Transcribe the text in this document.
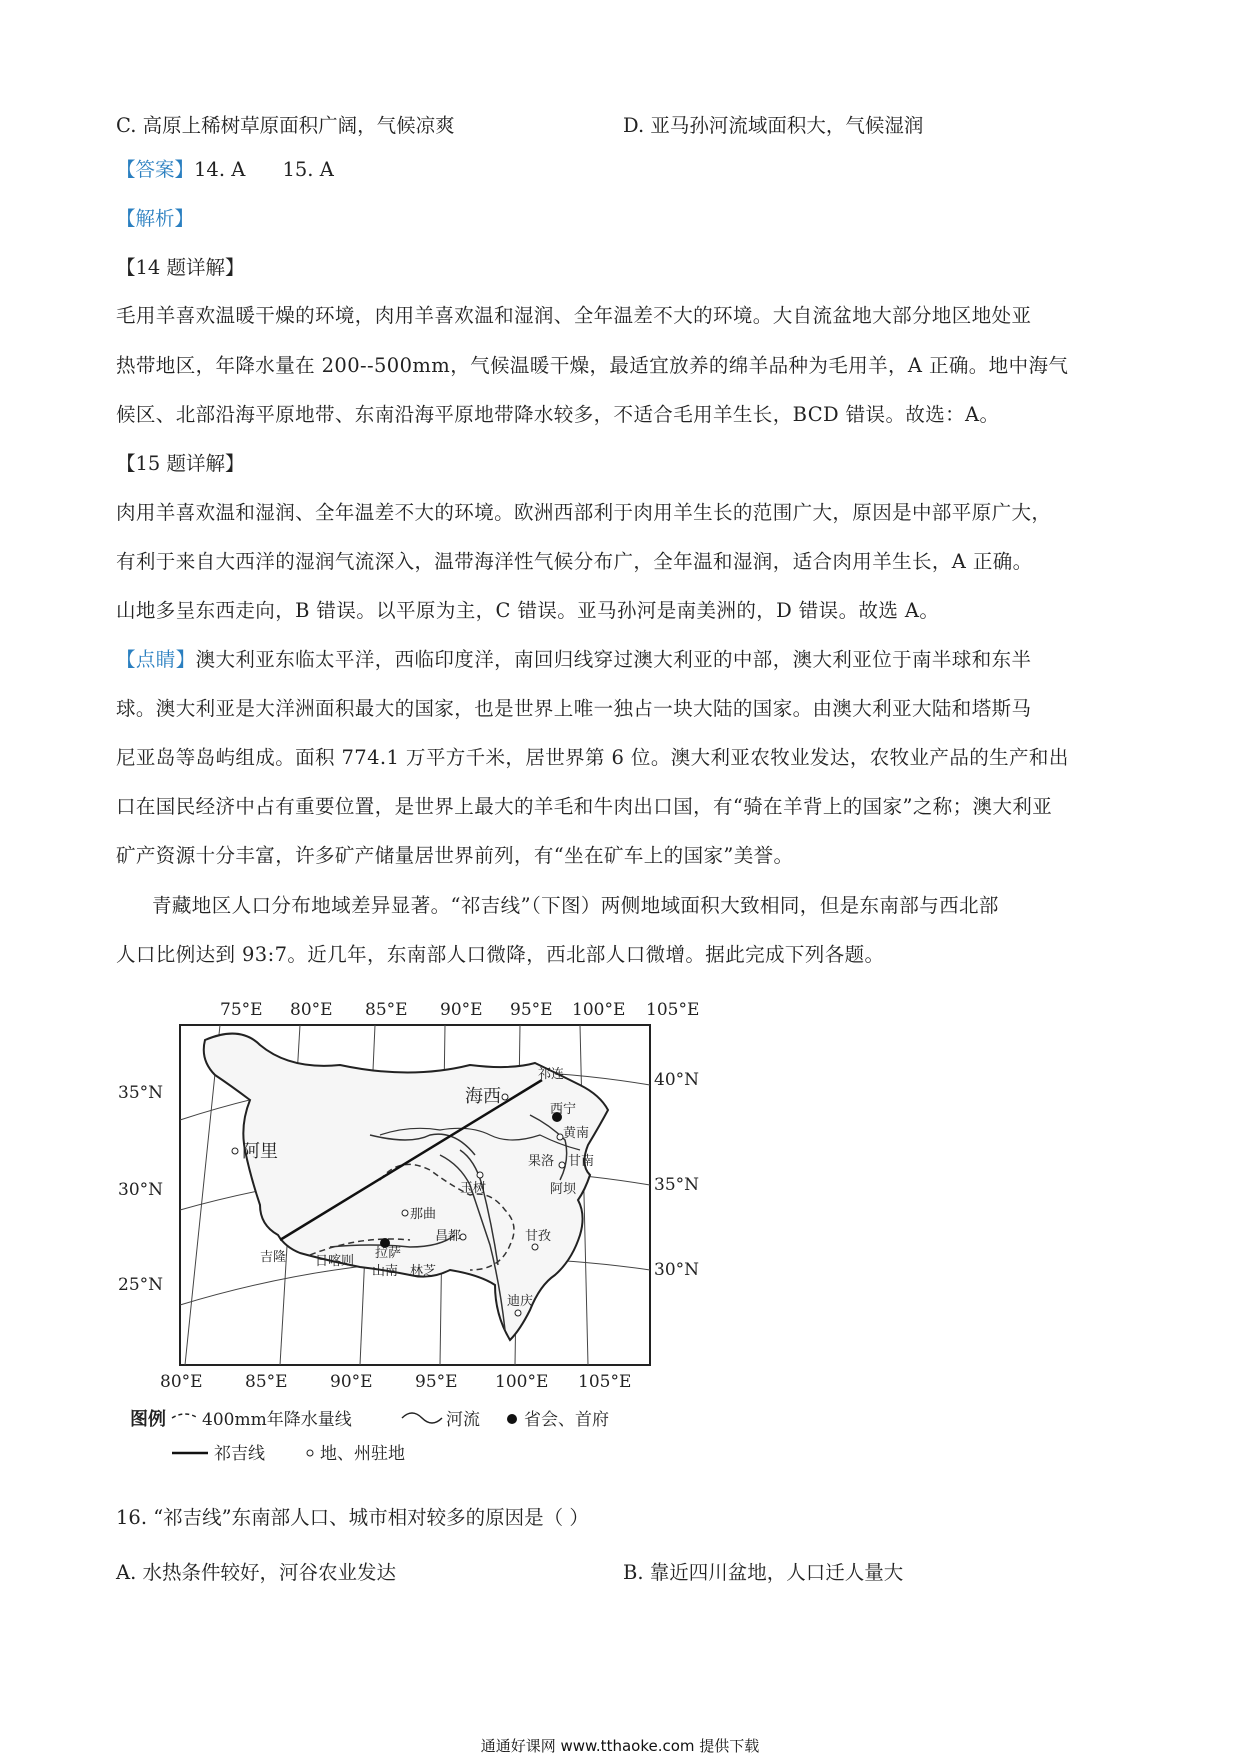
C. 高原上稀树草原面积广阔，气候凉爽	D. 亚马孙河流域面积大，气候湿润
【答案】14. A      15. A
【解析】
【14 题详解】
毛用羊喜欢温暖干燥的环境，肉用羊喜欢温和湿润、全年温差不大的环境。大自流盆地大部分地区地处亚
热带地区，年降水量在 200--500mm，气候温暖干燥，最适宜放养的绵羊品种为毛用羊，A 正确。地中海气
候区、北部沿海平原地带、东南沿海平原地带降水较多，不适合毛用羊生长，BCD 错误。故选：A。
【15 题详解】
肉用羊喜欢温和湿润、全年温差不大的环境。欧洲西部利于肉用羊生长的范围广大，原因是中部平原广大，
有利于来自大西洋的湿润气流深入，温带海洋性气候分布广，全年温和湿润，适合肉用羊生长，A 正确。
山地多呈东西走向，B 错误。以平原为主，C 错误。亚马孙河是南美洲的，D 错误。故选 A。
【点睛】澳大利亚东临太平洋，西临印度洋，南回归线穿过澳大利亚的中部，澳大利亚位于南半球和东半
球。澳大利亚是大洋洲面积最大的国家，也是世界上唯一独占一块大陆的国家。由澳大利亚大陆和塔斯马
尼亚岛等岛屿组成。面积 774.1 万平方千米，居世界第 6 位。澳大利亚农牧业发达，农牧业产品的生产和出
口在国民经济中占有重要位置，是世界上最大的羊毛和牛肉出口国，有“骑在羊背上的国家”之称；澳大利亚
矿产资源十分丰富，许多矿产储量居世界前列，有“坐在矿车上的国家”美誉。
青藏地区人口分布地域差异显著。“祁吉线”（下图）两侧地域面积大致相同，但是东南部与西北部
人口比例达到 93:7。近几年，东南部人口微降，西北部人口微增。据此完成下列各题。
75°E 80°E 85°E 90°E 95°E 100°E 105°E
阿里
海西
祁连
西宁
黄南
果洛 甘南
玉树	阿坝
那曲
拉萨
昌都	甘孜
吉隆 日喀则
山南 林芝
迪庆
35°N
30°N
25°N
40°N
35°N
30°N
80°E 85°E 90°E 95°E 100°E 105°E
图例 400mm年降水量线	河流	省会、首府
祁吉线	地、州驻地
16. “祁吉线”东南部人口、城市相对较多的原因是（ ）
A. 水热条件较好，河谷农业发达	B. 靠近四川盆地，人口迁人量大
通通好课网 www.tthaoke.com 提供下载
